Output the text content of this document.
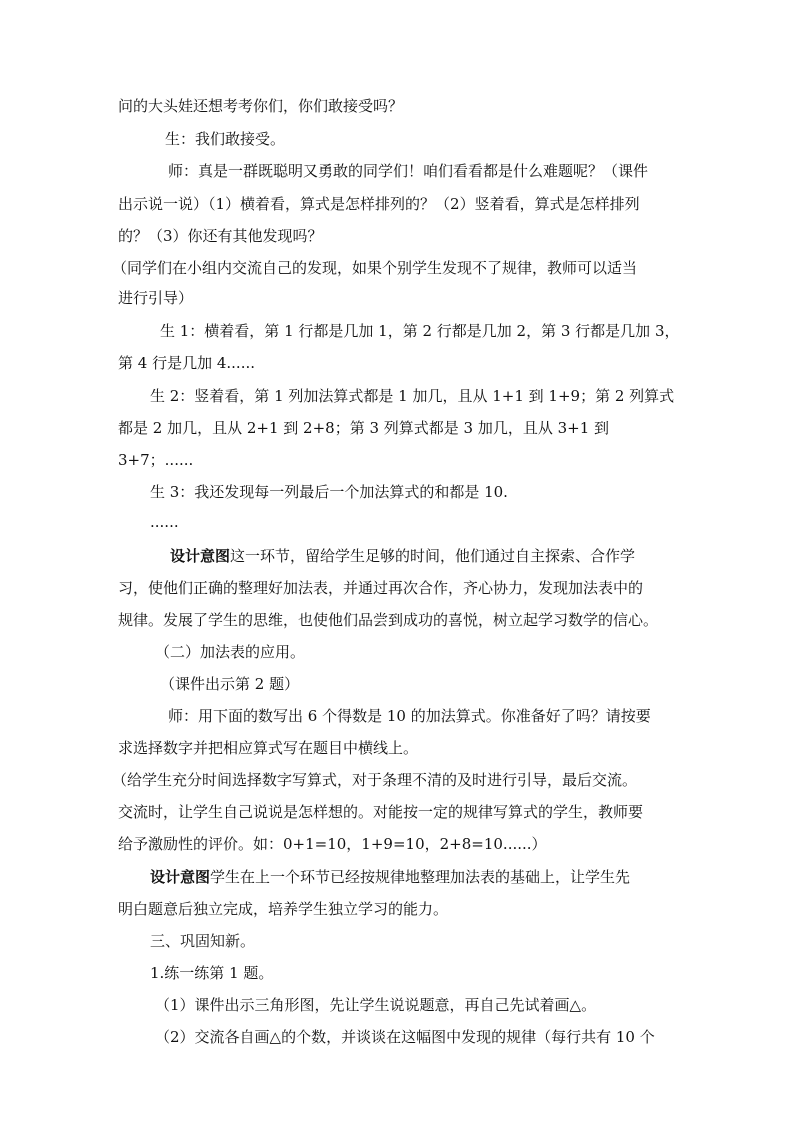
问的大头娃还想考考你们，你们敢接受吗？
生：我们敢接受。
师：真是一群既聪明又勇敢的同学们！咱们看看都是什么难题呢？（课件
出示说一说）（1）横着看，算式是怎样排列的？（2）竖着看，算式是怎样排列
的？（3）你还有其他发现吗？
（同学们在小组内交流自己的发现，如果个别学生发现不了规律，教师可以适当
进行引导）
生 1：横着看，第 1 行都是几加 1，第 2 行都是几加 2，第 3 行都是几加 3，
第 4 行是几加 4......
生 2：竖着看，第 1 列加法算式都是 1 加几，且从 1+1 到 1+9；第 2 列算式
都是 2 加几，且从 2+1 到 2+8；第 3 列算式都是 3 加几，且从 3+1 到
3+7；......
生 3：我还发现每一列最后一个加法算式的和都是 10.
......
设计意图这一环节，留给学生足够的时间，他们通过自主探索、合作学
习，使他们正确的整理好加法表，并通过再次合作，齐心协力，发现加法表中的
规律。发展了学生的思维，也使他们品尝到成功的喜悦，树立起学习数学的信心。
（二）加法表的应用。
（课件出示第 2 题）
师：用下面的数写出 6 个得数是 10 的加法算式。你准备好了吗？请按要
求选择数字并把相应算式写在题目中横线上。
（给学生充分时间选择数字写算式，对于条理不清的及时进行引导，最后交流。
交流时，让学生自己说说是怎样想的。对能按一定的规律写算式的学生，教师要
给予激励性的评价。如：0+1=10，1+9=10，2+8=10......）
设计意图学生在上一个环节已经按规律地整理加法表的基础上，让学生先
明白题意后独立完成，培养学生独立学习的能力。
三、巩固知新。
1.练一练第 1 题。
（1）课件出示三角形图，先让学生说说题意，再自己先试着画△。
（2）交流各自画△的个数，并谈谈在这幅图中发现的规律（每行共有 10 个
